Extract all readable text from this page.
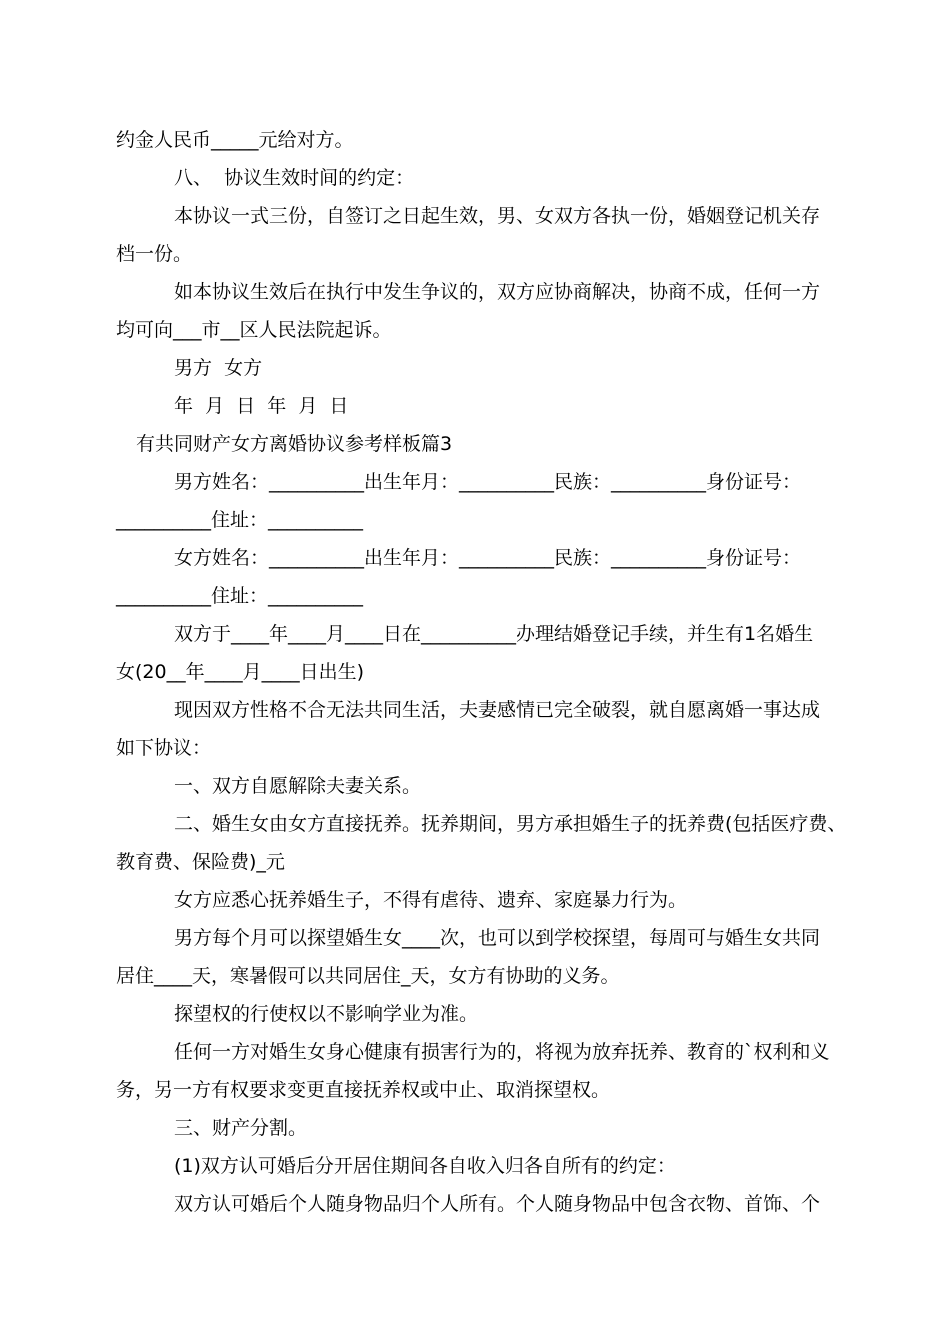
约金人民币_____元给对方。
八、  协议生效时间的约定：
本协议一式三份，自签订之日起生效，男、女双方各执一份，婚姻登记机关存
档一份。
如本协议生效后在执行中发生争议的，双方应协商解决，协商不成，任何一方
均可向___市__区人民法院起诉。
男方  女方
年  月  日  年  月  日
有共同财产女方离婚协议参考样板篇3
男方姓名：__________出生年月：__________民族：__________身份证号：
__________住址：__________
女方姓名：__________出生年月：__________民族：__________身份证号：
__________住址：__________
双方于____年____月____日在__________办理结婚登记手续，并生有1名婚生
女(20__年____月____日出生)
现因双方性格不合无法共同生活，夫妻感情已完全破裂，就自愿离婚一事达成
如下协议：
一、双方自愿解除夫妻关系。
二、婚生女由女方直接抚养。抚养期间，男方承担婚生子的抚养费(包括医疗费、
教育费、保险费)_元
女方应悉心抚养婚生子，不得有虐待、遗弃、家庭暴力行为。
男方每个月可以探望婚生女____次，也可以到学校探望，每周可与婚生女共同
居住____天，寒暑假可以共同居住_天，女方有协助的义务。
探望权的行使权以不影响学业为准。
任何一方对婚生女身心健康有损害行为的，将视为放弃抚养、教育的`权利和义
务，另一方有权要求变更直接抚养权或中止、取消探望权。
三、财产分割。
(1)双方认可婚后分开居住期间各自收入归各自所有的约定：
双方认可婚后个人随身物品归个人所有。个人随身物品中包含衣物、首饰、个
